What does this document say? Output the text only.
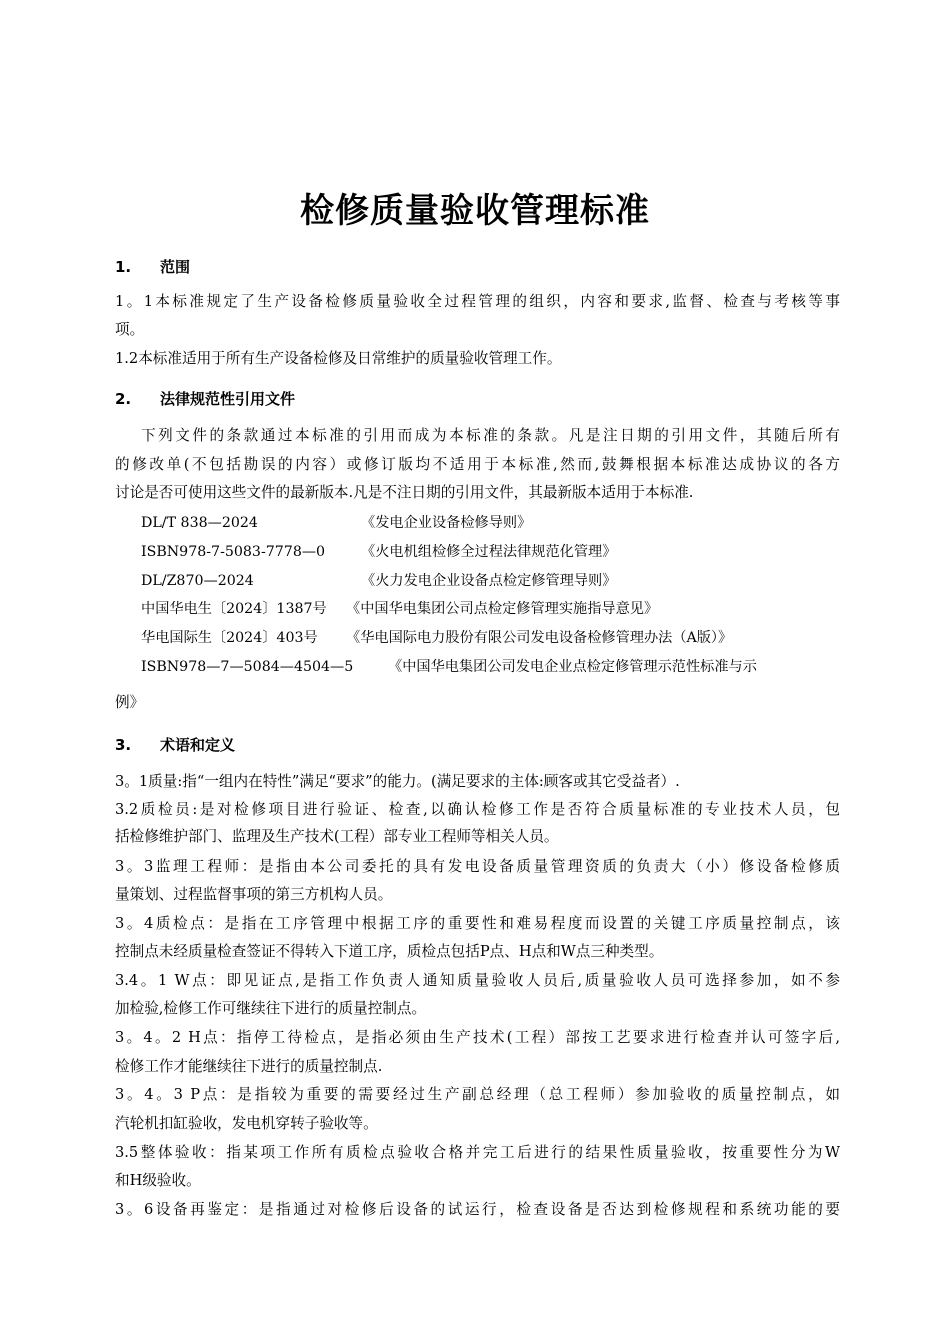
检修质量验收管理标准
1. 范围
1。1本标准规定了生产设备检修质量验收全过程管理的组织，内容和要求,监督、检查与考核等事
项。
1.2本标准适用于所有生产设备检修及日常维护的质量验收管理工作。
2. 法律规范性引用文件
下列文件的条款通过本标准的引用而成为本标准的条款。凡是注日期的引用文件，其随后所有
的修改单(不包括勘误的内容）或修订版均不适用于本标准,然而,鼓舞根据本标准达成协议的各方
讨论是否可使用这些文件的最新版本.凡是不注日期的引用文件，其最新版本适用于本标准.
DL/T 838—2024	《发电企业设备检修导则》
ISBN978-7-5083-7778—0	《火电机组检修全过程法律规范化管理》
DL/Z870—2024	《火力发电企业设备点检定修管理导则》
中国华电生〔2024〕1387号 《中国华电集团公司点检定修管理实施指导意见》
华电国际生〔2024〕403号 《华电国际电力股份有限公司发电设备检修管理办法（A版）》
ISBN978—7—5084—4504—5 《中国华电集团公司发电企业点检定修管理示范性标准与示
例》
3. 术语和定义
3。1质量:指“一组内在特性”满足“要求”的能力。(满足要求的主体:顾客或其它受益者）.
3.2质检员:是对检修项目进行验证、检查,以确认检修工作是否符合质量标准的专业技术人员，包
括检修维护部门、监理及生产技术(工程）部专业工程师等相关人员。
3。3监理工程师：是指由本公司委托的具有发电设备质量管理资质的负责大（小）修设备检修质
量策划、过程监督事项的第三方机构人员。
3。4质检点：是指在工序管理中根据工序的重要性和难易程度而设置的关键工序质量控制点，该
控制点未经质量检查签证不得转入下道工序，质检点包括P点、H点和W点三种类型。
3.4。1 W点：即见证点,是指工作负责人通知质量验收人员后,质量验收人员可选择参加，如不参
加检验,检修工作可继续往下进行的质量控制点。
3。4。2 H点：指停工待检点，是指必须由生产技术(工程）部按工艺要求进行检查并认可签字后,
检修工作才能继续往下进行的质量控制点.
3。4。3 P点：是指较为重要的需要经过生产副总经理（总工程师）参加验收的质量控制点，如
汽轮机扣缸验收，发电机穿转子验收等。
3.5整体验收：指某项工作所有质检点验收合格并完工后进行的结果性质量验收，按重要性分为W
和H级验收。
3。6设备再鉴定：是指通过对检修后设备的试运行，检查设备是否达到检修规程和系统功能的要
